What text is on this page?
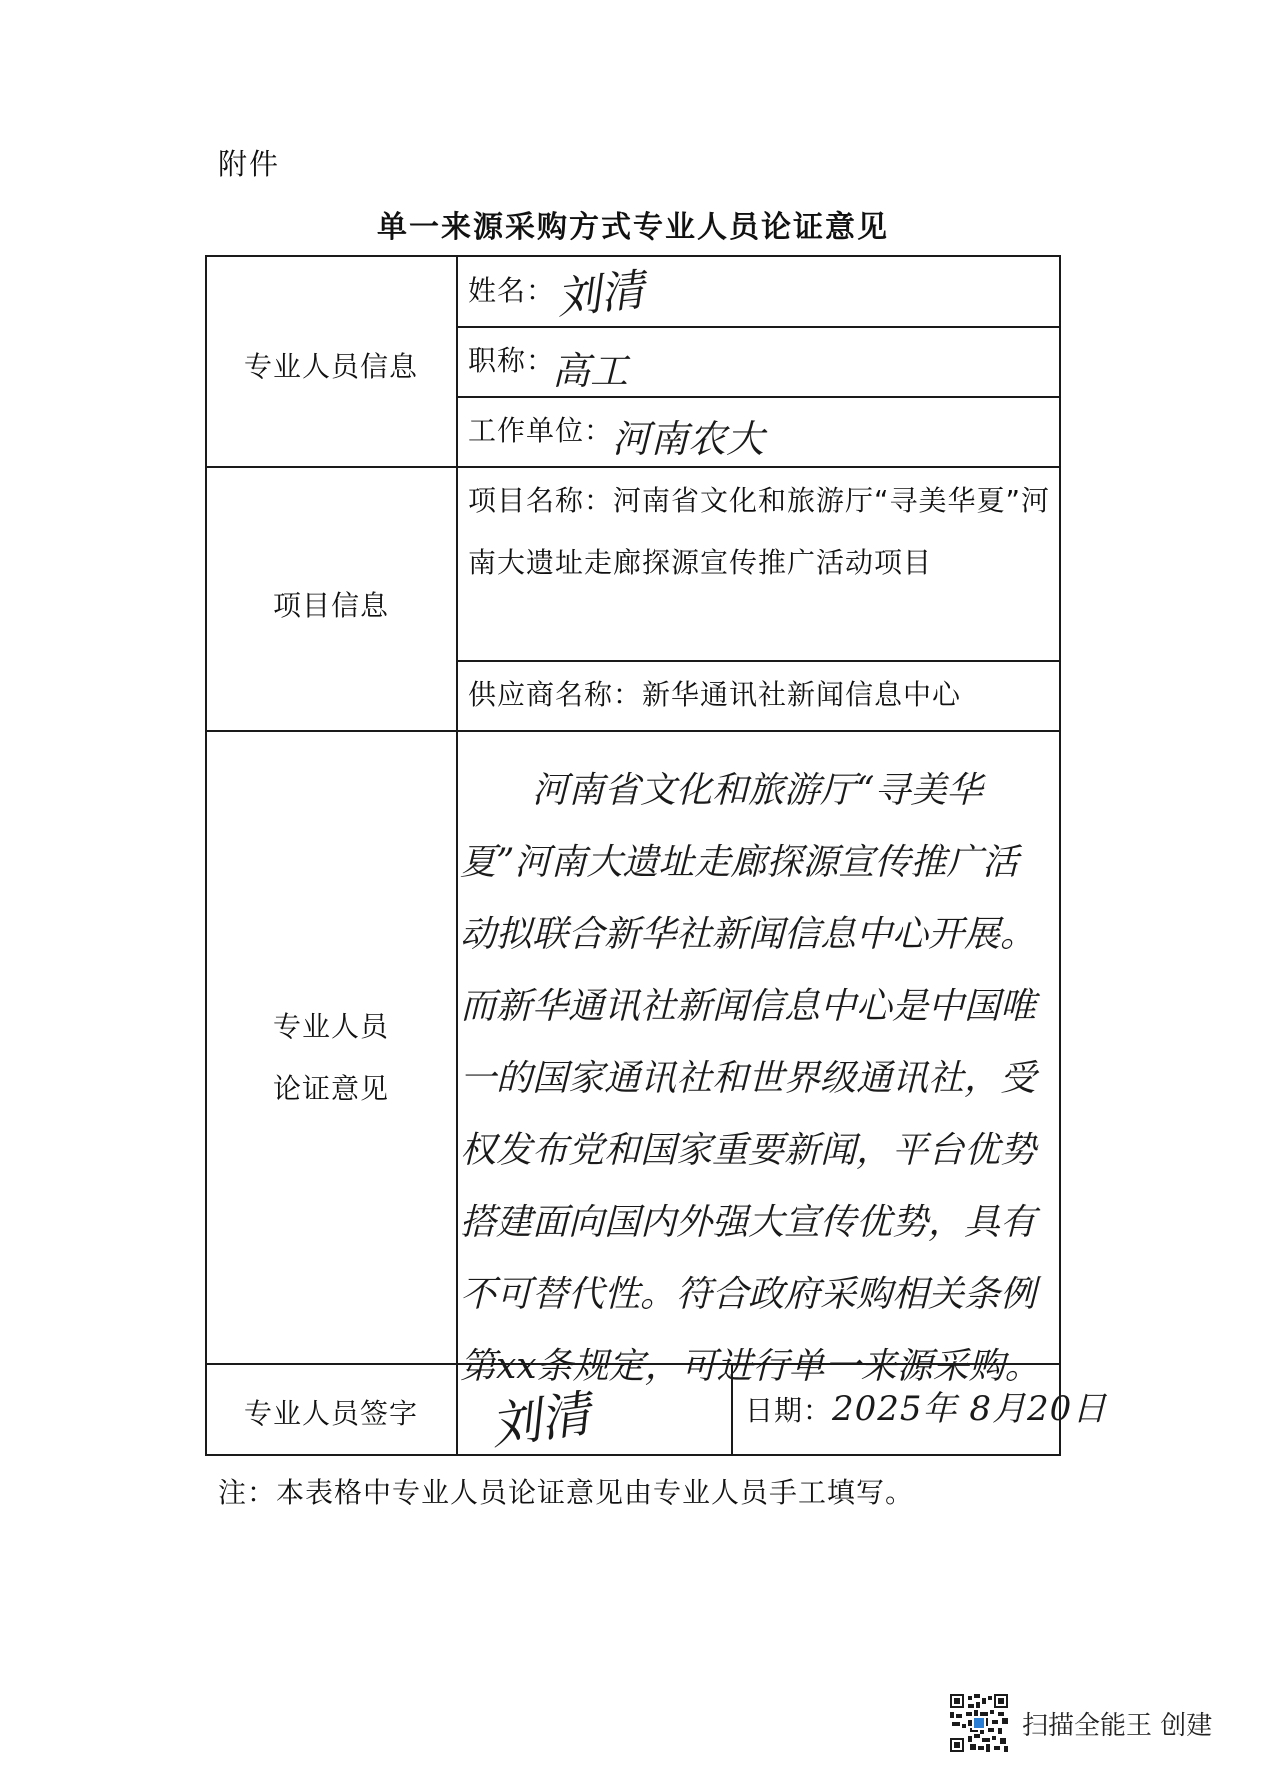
附件
单一来源采购方式专业人员论证意见
专业人员信息
姓名： 刘清
职称：
高工
工作单位：
河南农大
项目信息
项目名称：河南省文化和旅游厅“寻美华夏”河南大遗址走廊探源宣传推广活动项目
供应商名称：新华通讯社新闻信息中心
专业人员
论证意见
河南省文化和旅游厅“寻美华夏”河南大遗址走廊探源宣传推广活动拟联合新华社新闻信息中心开展。而新华通讯社新闻信息中心是中国唯一的国家通讯社和世界级通讯社，受权发布党和国家重要新闻，平台优势搭建面向国内外强大宣传优势，具有不可替代性。符合政府采购相关条例第xx条规定，可进行单一来源采购。
专业人员签字	刘清	日期：2025年 8月20日
注：本表格中专业人员论证意见由专业人员手工填写。
扫描全能王 创建
